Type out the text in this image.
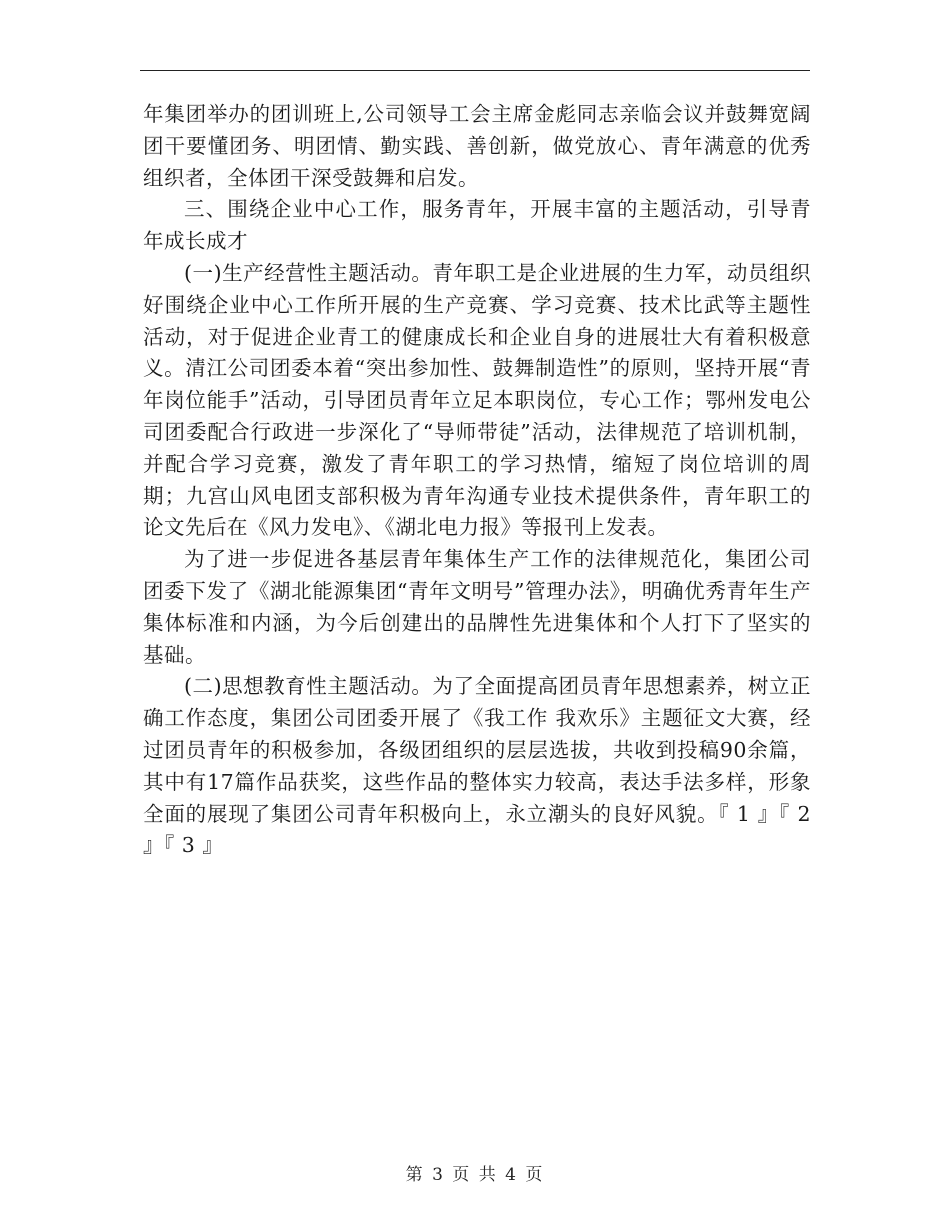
年集团举办的团训班上,公司领导工会主席金彪同志亲临会议并鼓舞宽阔团干要懂团务、明团情、勤实践、善创新，做党放心、青年满意的优秀组织者，全体团干深受鼓舞和启发。

三、围绕企业中心工作，服务青年，开展丰富的主题活动，引导青年成长成才

(一)生产经营性主题活动。青年职工是企业进展的生力军，动员组织好围绕企业中心工作所开展的生产竞赛、学习竞赛、技术比武等主题性活动，对于促进企业青工的健康成长和企业自身的进展壮大有着积极意义。清江公司团委本着“突出参加性、鼓舞制造性”的原则，坚持开展“青年岗位能手”活动，引导团员青年立足本职岗位，专心工作；鄂州发电公司团委配合行政进一步深化了“导师带徒”活动，法律规范了培训机制，并配合学习竞赛，激发了青年职工的学习热情，缩短了岗位培训的周期；九宫山风电团支部积极为青年沟通专业技术提供条件，青年职工的论文先后在《风力发电》、《湖北电力报》等报刊上发表。

为了进一步促进各基层青年集体生产工作的法律规范化，集团公司团委下发了《湖北能源集团“青年文明号”管理办法》，明确优秀青年生产集体标准和内涵，为今后创建出的品牌性先进集体和个人打下了坚实的基础。

(二)思想教育性主题活动。为了全面提高团员青年思想素养，树立正确工作态度，集团公司团委开展了《我工作 我欢乐》主题征文大赛，经过团员青年的积极参加，各级团组织的层层选拔，共收到投稿90余篇，其中有17篇作品获奖，这些作品的整体实力较高，表达手法多样，形象全面的展现了集团公司青年积极向上，永立潮头的良好风貌。『 1 』『 2 』『 3 』

第 3 页 共 4 页
